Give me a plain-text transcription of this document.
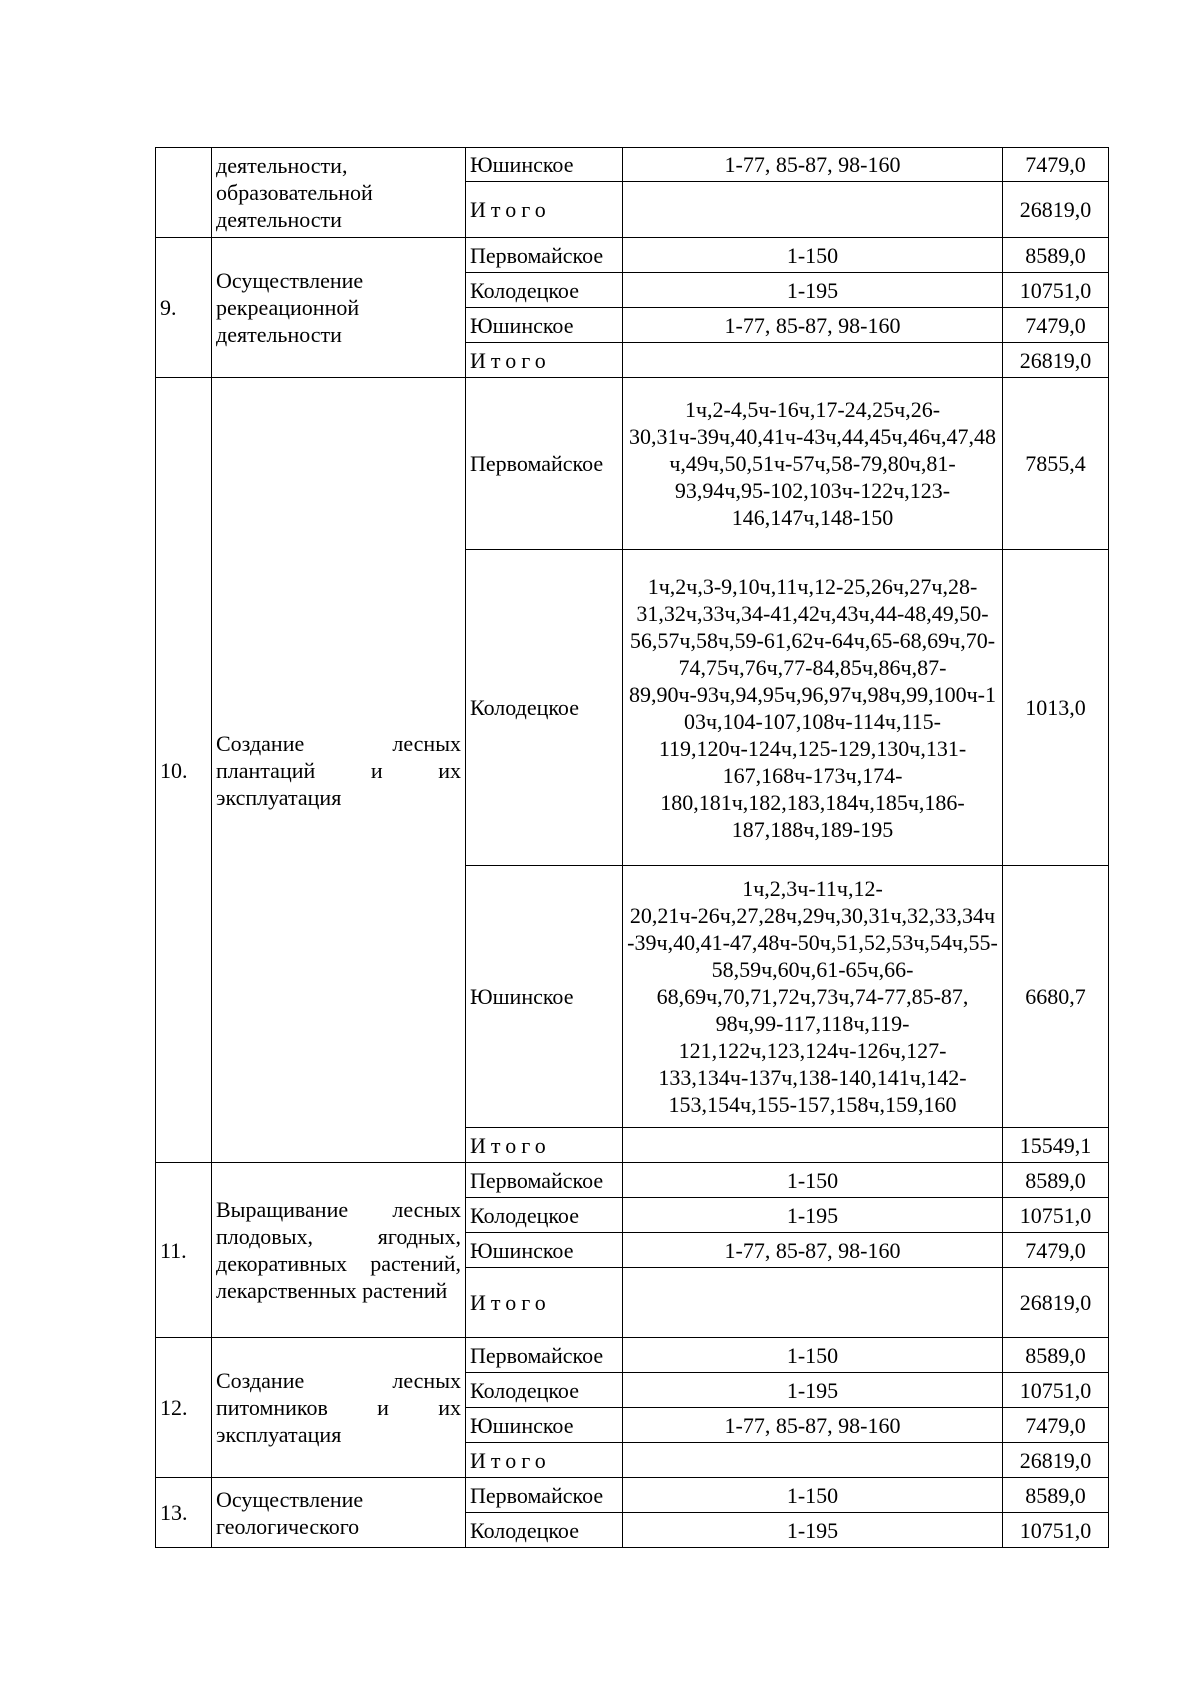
	деятельности, образовательной деятельности	Юшинское	1-77, 85-87, 98-160	7479,0
		Итого		26819,0
9.	Осуществление рекреационной деятельности	Первомайское	1-150	8589,0
		Колодецкое	1-195	10751,0
		Юшинское	1-77, 85-87, 98-160	7479,0
		Итого		26819,0
10.	Создание лесных плантаций и их эксплуатация	Первомайское	1ч,2-4,5ч-16ч,17-24,25ч,26-30,31ч-39ч,40,41ч-43ч,44,45ч,46ч,47,48ч,49ч,50,51ч-57ч,58-79,80ч,81-93,94ч,95-102,103ч-122ч,123-146,147ч,148-150	7855,4
		Колодецкое	1ч,2ч,3-9,10ч,11ч,12-25,26ч,27ч,28-31,32ч,33ч,34-41,42ч,43ч,44-48,49,50-56,57ч,58ч,59-61,62ч-64ч,65-68,69ч,70-74,75ч,76ч,77-84,85ч,86ч,87-89,90ч-93ч,94,95ч,96,97ч,98ч,99,100ч-103ч,104-107,108ч-114ч,115-119,120ч-124ч,125-129,130ч,131-167,168ч-173ч,174-180,181ч,182,183,184ч,185ч,186-187,188ч,189-195	1013,0
		Юшинское	1ч,2,3ч-11ч,12-20,21ч-26ч,27,28ч,29ч,30,31ч,32,33,34ч-39ч,40,41-47,48ч-50ч,51,52,53ч,54ч,55-58,59ч,60ч,61-65ч,66-68,69ч,70,71,72ч,73ч,74-77,85-87, 98ч,99-117,118ч,119-121,122ч,123,124ч-126ч,127-133,134ч-137ч,138-140,141ч,142-153,154ч,155-157,158ч,159,160	6680,7
		Итого		15549,1
11.	Выращивание лесных плодовых, ягодных, декоративных растений, лекарственных растений	Первомайское	1-150	8589,0
		Колодецкое	1-195	10751,0
		Юшинское	1-77, 85-87, 98-160	7479,0
		Итого		26819,0
12.	Создание лесных питомников и их эксплуатация	Первомайское	1-150	8589,0
		Колодецкое	1-195	10751,0
		Юшинское	1-77, 85-87, 98-160	7479,0
		Итого		26819,0
13.	Осуществление геологического	Первомайское	1-150	8589,0
		Колодецкое	1-195	10751,0
